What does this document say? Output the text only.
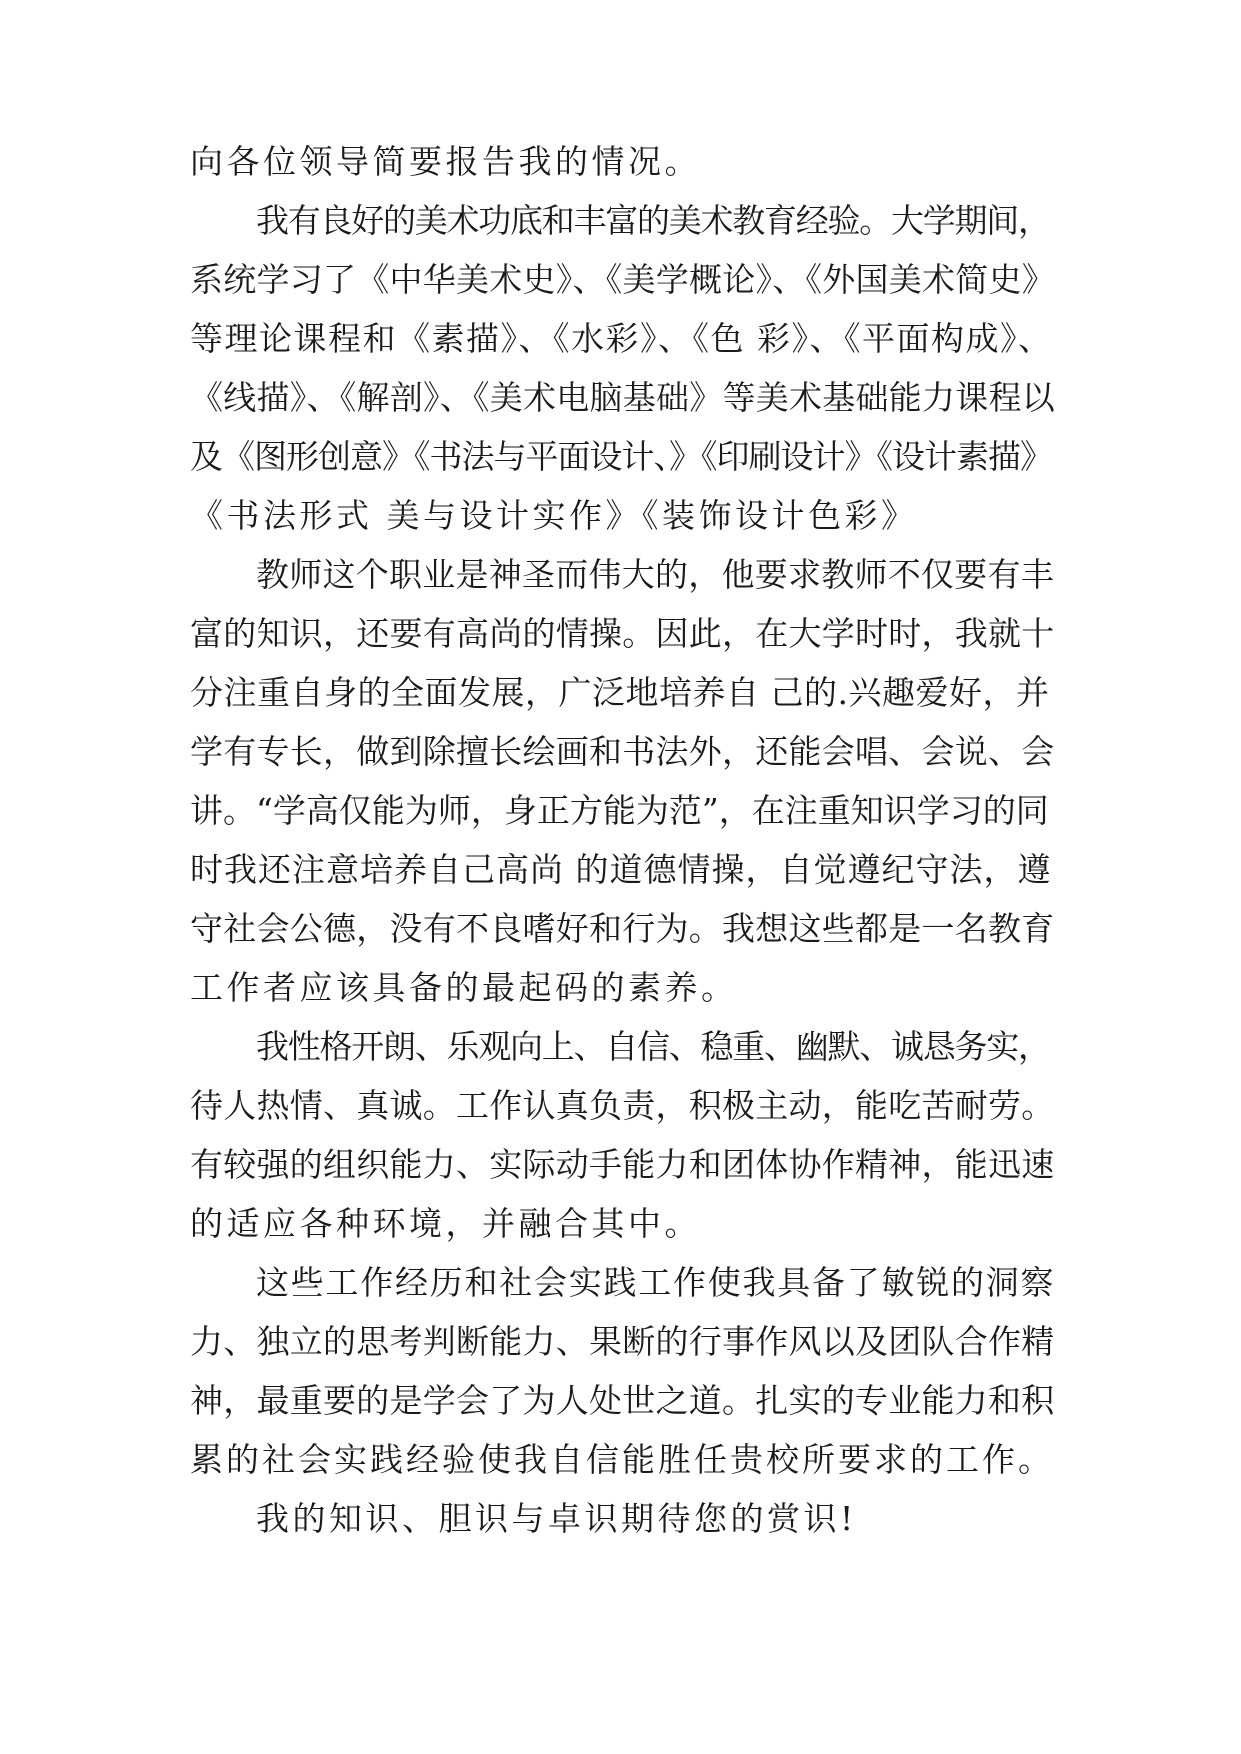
向各位领导简要报告我的情况。
我有良好的美术功底和丰富的美术教育经验。大学期间，
系统学习了《中华美术史》、《美学概论》、《外国美术简史》
等理论课程和《素描》、《水彩》、《色 彩》、《平面构成》、
《线描》、《解剖》、《美术电脑基础》等美术基础能力课程以
及《图形创意》《书法与平面设计、》《印刷设计》《设计素描》
《书法形式 美与设计实作》《装饰设计色彩》
教师这个职业是神圣而伟大的，他要求教师不仅要有丰
富的知识，还要有高尚的情操。因此，在大学时时，我就十
分注重自身的全面发展，广泛地培养自 己的.兴趣爱好，并
学有专长，做到除擅长绘画和书法外，还能会唱、会说、会
讲。“学高仅能为师，身正方能为范”，在注重知识学习的同
时我还注意培养自己高尚 的道德情操，自觉遵纪守法，遵
守社会公德，没有不良嗜好和行为。我想这些都是一名教育
工作者应该具备的最起码的素养。
我性格开朗、乐观向上、自信、稳重、幽默、诚恳务实，
待人热情、真诚。工作认真负责，积极主动，能吃苦耐劳。
有较强的组织能力、实际动手能力和团体协作精神，能迅速
的适应各种环境，并融合其中。
这些工作经历和社会实践工作使我具备了敏锐的洞察
力、独立的思考判断能力、果断的行事作风以及团队合作精
神，最重要的是学会了为人处世之道。扎实的专业能力和积
累的社会实践经验使我自信能胜任贵校所要求的工作。
我的知识、胆识与卓识期待您的赏识!
